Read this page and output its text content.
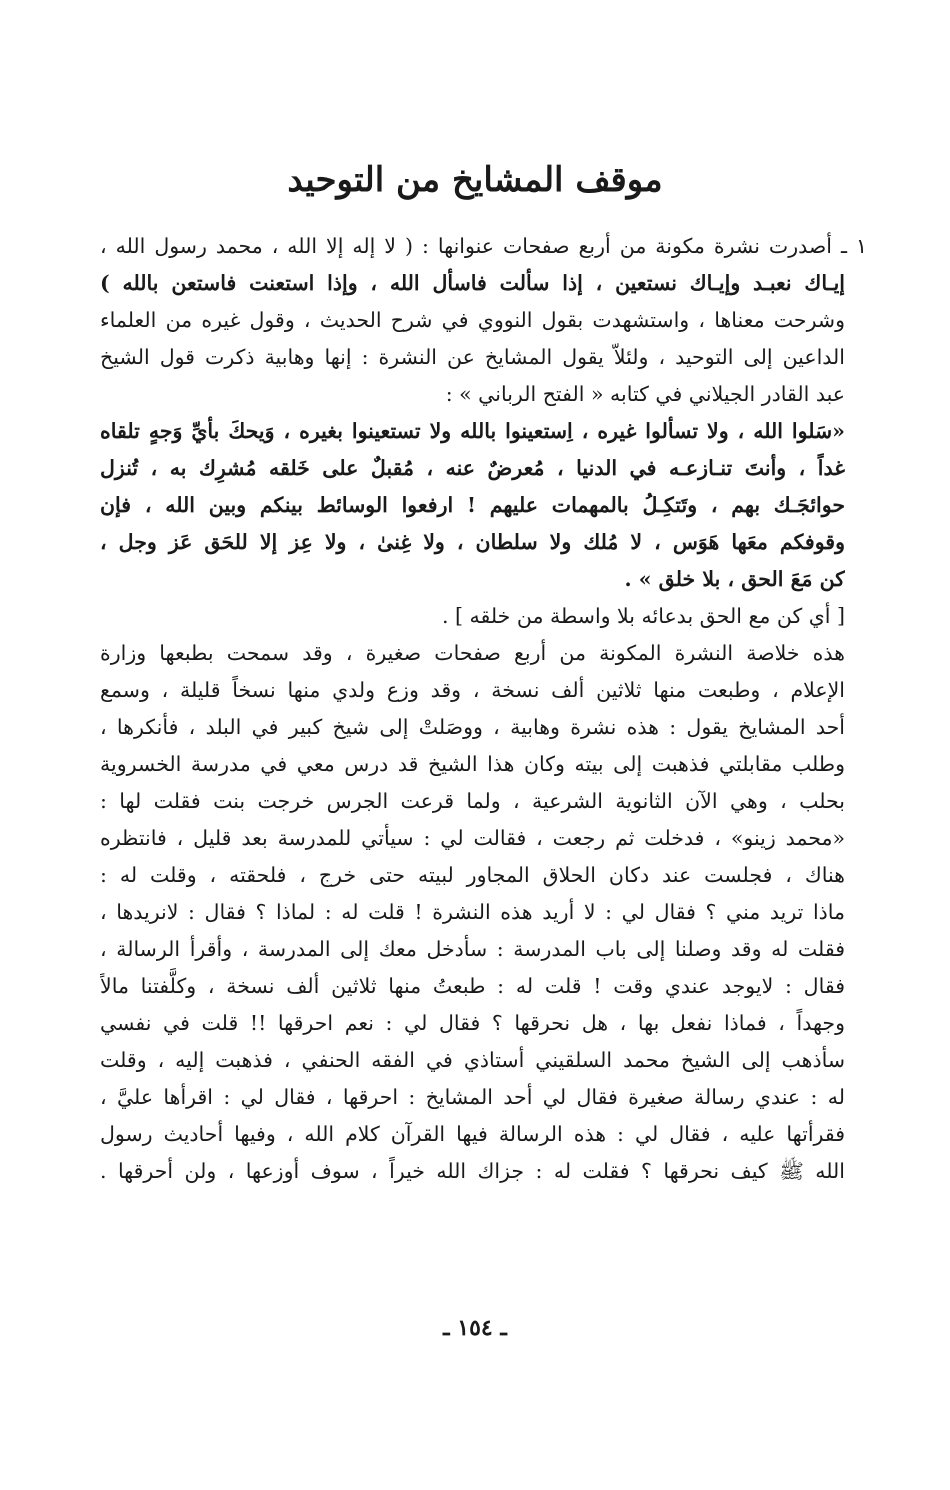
موقف المشايخ من التوحيد
١ ـ أصدرت نشرة مكونة من أربع صفحات عنوانها : ( لا إله إلا الله ، محمد رسول الله ،
إيـاك نعبـد وإيـاك نستعين ، إذا سألت فاسأل الله ، وإذا استعنت فاستعن بالله )
وشرحت معناها ، واستشهدت بقول النووي في شرح الحديث ، وقول غيره من العلماء
الداعين إلى التوحيد ، ولئلاّ يقول المشايخ عن النشرة : إنها وهابية ذكرت قول الشيخ
عبد القادر الجيلاني في كتابه « الفتح الرباني » :
«سَلوا الله ، ولا تسألوا غيره ، اِستعينوا بالله ولا تستعينوا بغيره ، وَيحكَ بأيِّ وَجهٍ تلقاه
غداً ، وأنتَ تنـازعـه في الدنيا ، مُعرضٌ عنه ، مُقبلٌ على خَلقه مُشرِك به ، تُنزل
حوائجَـك بهم ، وتَتكِـلُ بالمهمات عليهم ! ارفعوا الوسائط بينكم وبين الله ، فإن
وقوفكم معَها هَوَس ، لا مُلك ولا سلطان ، ولا غِنىٰ ، ولا عِز إلا للحَق عَز وجل ،
كن مَعَ الحق ، بلا خلق » .
[ أي كن مع الحق بدعائه بلا واسطة من خلقه ] .
هذه خلاصة النشرة المكونة من أربع صفحات صغيرة ، وقد سمحت بطبعها وزارة
الإعلام ، وطبعت منها ثلاثين ألف نسخة ، وقد وزع ولدي منها نسخاً قليلة ، وسمع
أحد المشايخ يقول : هذه نشرة وهابية ، ووصَلتْ إلى شيخ كبير في البلد ، فأنكرها ،
وطلب مقابلتي فذهبت إلى بيته وكان هذا الشيخ قد درس معي في مدرسة الخسروية
بحلب ، وهي الآن الثانوية الشرعية ، ولما قرعت الجرس خرجت بنت فقلت لها :
«محمد زينو» ، فدخلت ثم رجعت ، فقالت لي : سيأتي للمدرسة بعد قليل ، فانتظره
هناك ، فجلست عند دكان الحلاق المجاور لبيته حتى خرج ، فلحقته ، وقلت له :
ماذا تريد مني ؟ فقال لي : لا أريد هذه النشرة ! قلت له : لماذا ؟ فقال : لانريدها ،
فقلت له وقد وصلنا إلى باب المدرسة : سأدخل معك إلى المدرسة ، وأقرأ الرسالة ،
فقال : لايوجد عندي وقت ! قلت له : طبعتُ منها ثلاثين ألف نسخة ، وكلَّفتنا مالاً
وجهداً ، فماذا نفعل بها ، هل نحرقها ؟ فقال لي : نعم احرقها !! قلت في نفسي
سأذهب إلى الشيخ محمد السلقيني أستاذي في الفقه الحنفي ، فذهبت إليه ، وقلت
له : عندي رسالة صغيرة فقال لي أحد المشايخ : احرقها ، فقال لي : اقرأها عليَّ ،
فقرأتها عليه ، فقال لي : هذه الرسالة فيها القرآن كلام الله ، وفيها أحاديث رسول
الله ﷺ كيف نحرقها ؟ فقلت له : جزاك الله خيراً ، سوف أوزعها ، ولن أحرقها .
ـ ١٥٤ ـ
